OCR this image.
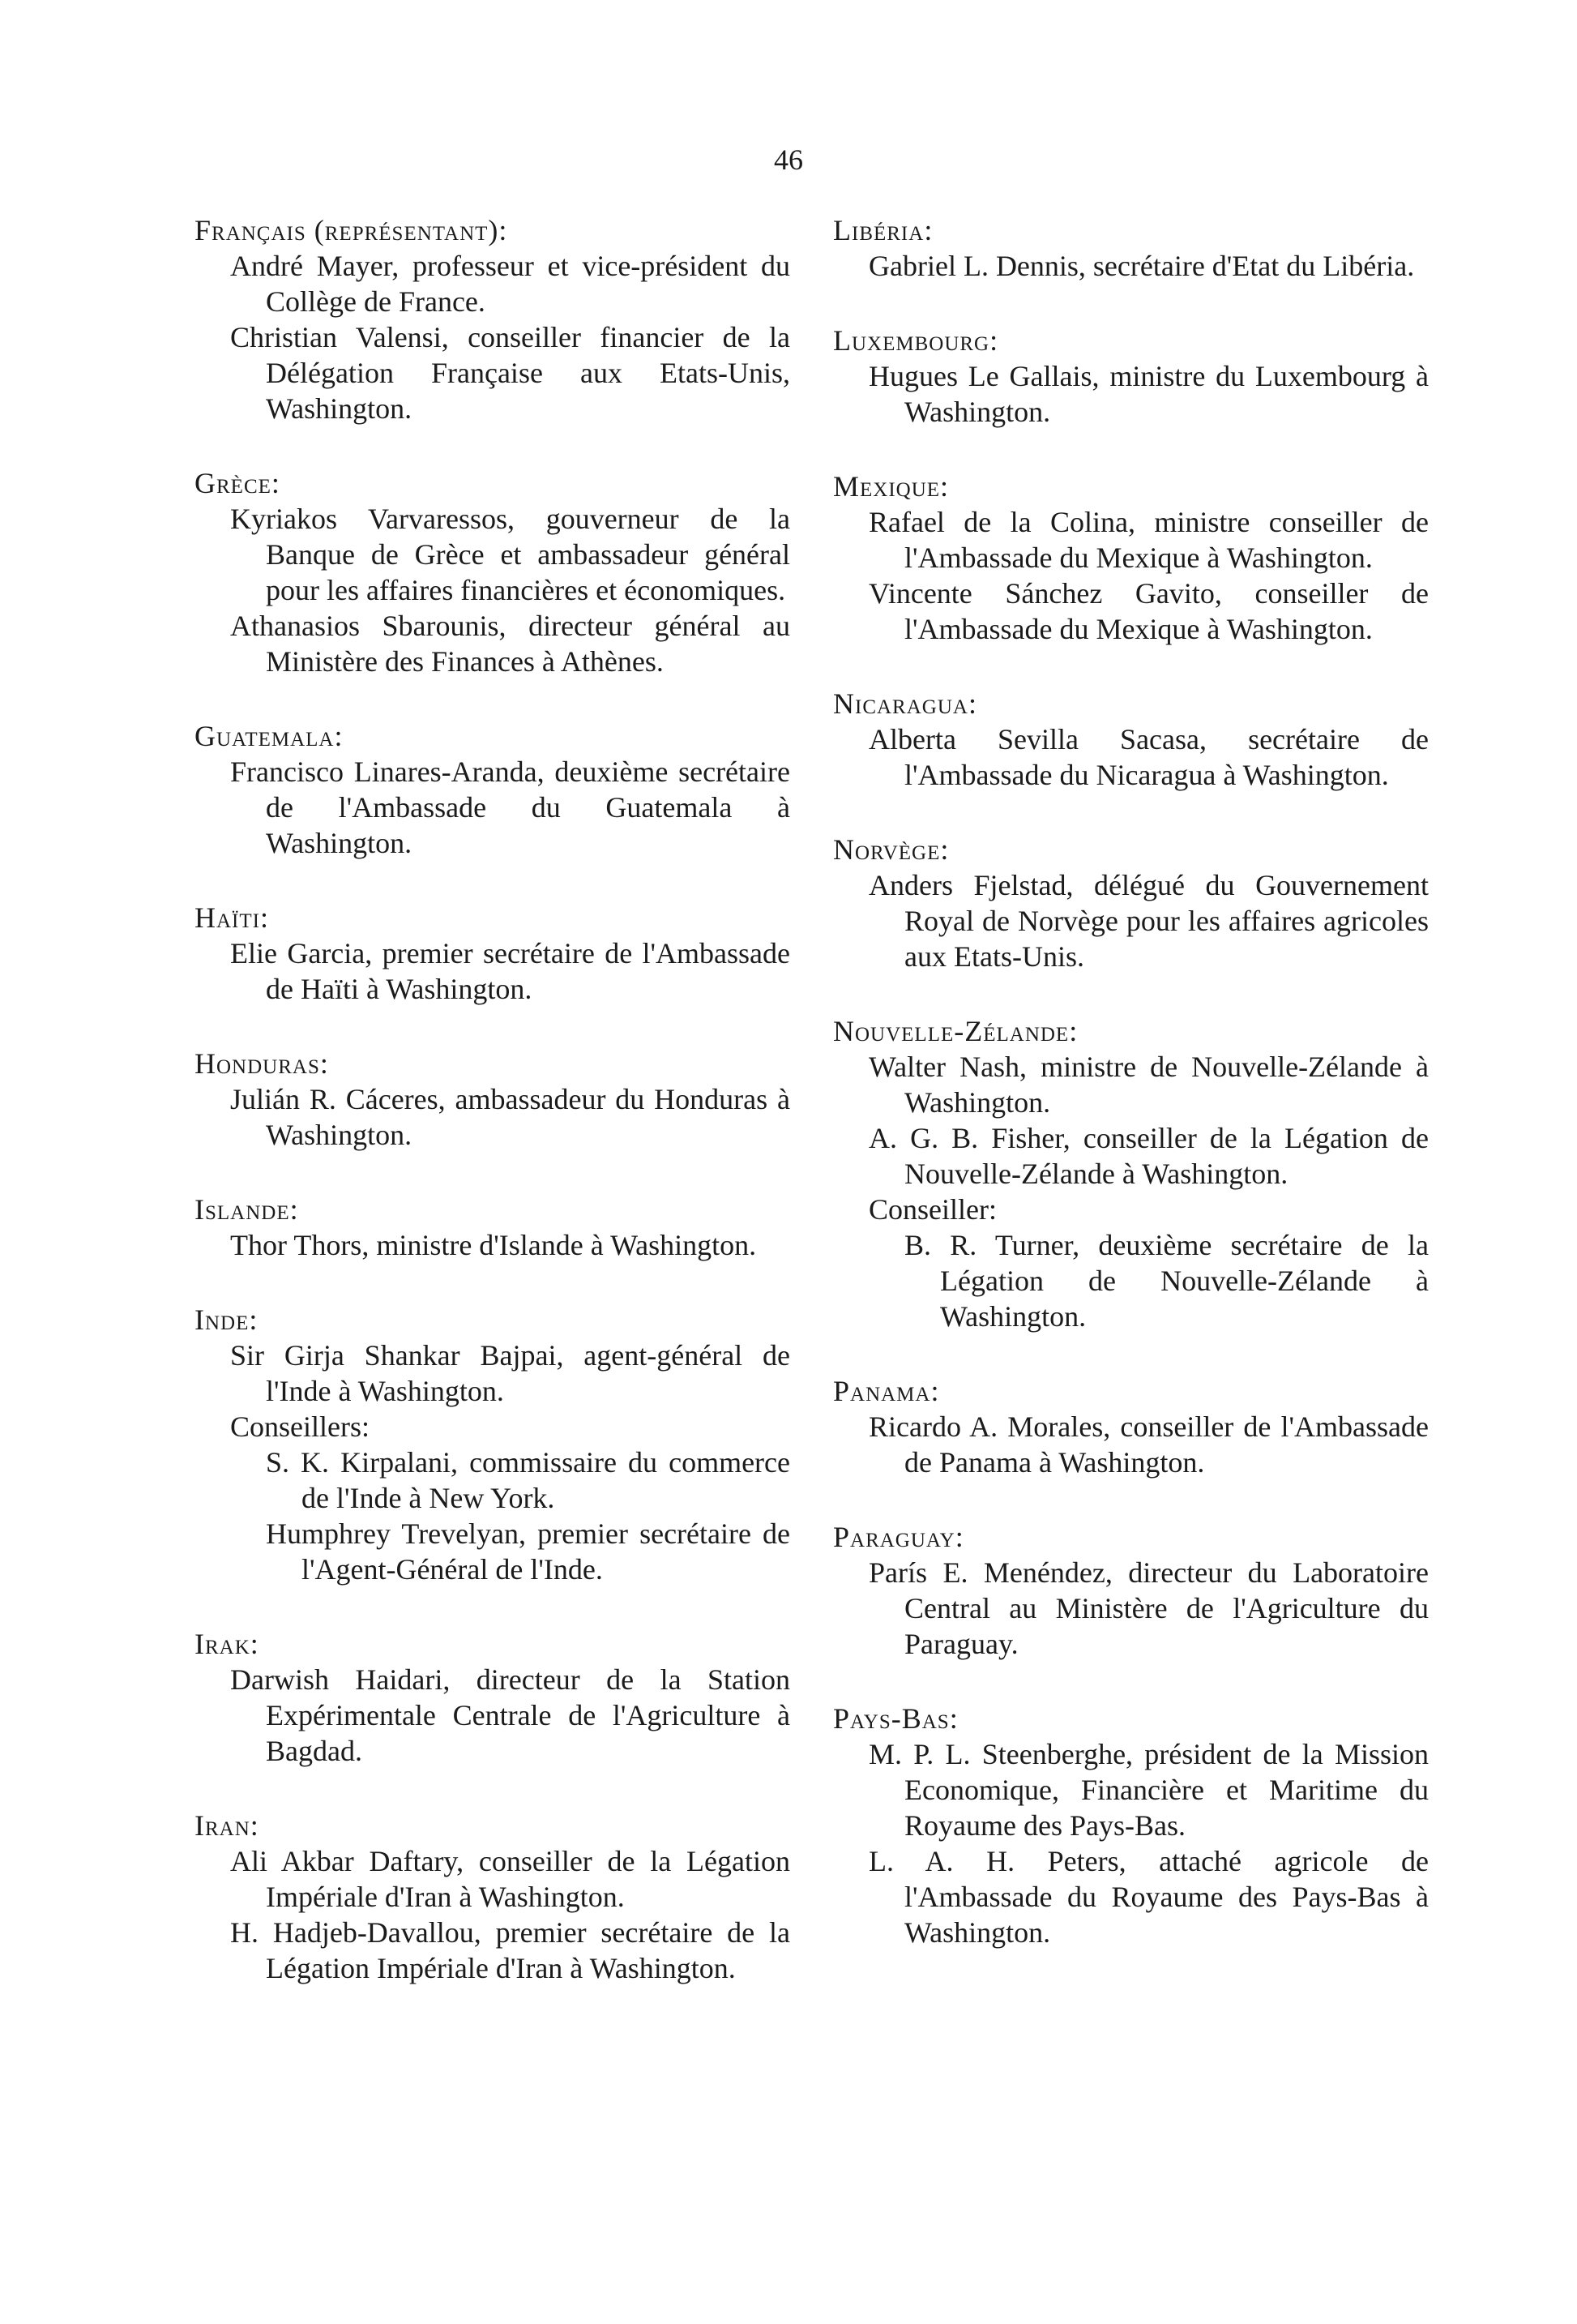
46
Français (représentant):
André Mayer, professeur et vice-président du Collège de France.
Christian Valensi, conseiller financier de la Délégation Française aux Etats-Unis, Washington.
Grèce:
Kyriakos Varvaressos, gouverneur de la Banque de Grèce et ambassadeur général pour les affaires financières et économiques.
Athanasios Sbarounis, directeur général au Ministère des Finances à Athènes.
Guatemala:
Francisco Linares-Aranda, deuxième secrétaire de l'Ambassade du Guatemala à Washington.
Haïti:
Elie Garcia, premier secrétaire de l'Ambassade de Haïti à Washington.
Honduras:
Julián R. Cáceres, ambassadeur du Honduras à Washington.
Islande:
Thor Thors, ministre d'Islande à Washington.
Inde:
Sir Girja Shankar Bajpai, agent-général de l'Inde à Washington.
Conseillers:
S. K. Kirpalani, commissaire du commerce de l'Inde à New York.
Humphrey Trevelyan, premier secrétaire de l'Agent-Général de l'Inde.
Irak:
Darwish Haidari, directeur de la Station Expérimentale Centrale de l'Agriculture à Bagdad.
Iran:
Ali Akbar Daftary, conseiller de la Légation Impériale d'Iran à Washington.
H. Hadjeb-Davallou, premier secrétaire de la Légation Impériale d'Iran à Washington.
Libéria:
Gabriel L. Dennis, secrétaire d'Etat du Libéria.
Luxembourg:
Hugues Le Gallais, ministre du Luxembourg à Washington.
Mexique:
Rafael de la Colina, ministre conseiller de l'Ambassade du Mexique à Washington.
Vincente Sánchez Gavito, conseiller de l'Ambassade du Mexique à Washington.
Nicaragua:
Alberta Sevilla Sacasa, secrétaire de l'Ambassade du Nicaragua à Washington.
Norvège:
Anders Fjelstad, délégué du Gouvernement Royal de Norvège pour les affaires agricoles aux Etats-Unis.
Nouvelle-Zélande:
Walter Nash, ministre de Nouvelle-Zélande à Washington.
A. G. B. Fisher, conseiller de la Légation de Nouvelle-Zélande à Washington.
Conseiller:
B. R. Turner, deuxième secrétaire de la Légation de Nouvelle-Zélande à Washington.
Panama:
Ricardo A. Morales, conseiller de l'Ambassade de Panama à Washington.
Paraguay:
París E. Menéndez, directeur du Laboratoire Central au Ministère de l'Agriculture du Paraguay.
Pays-Bas:
M. P. L. Steenberghe, président de la Mission Economique, Financière et Maritime du Royaume des Pays-Bas.
L. A. H. Peters, attaché agricole de l'Ambassade du Royaume des Pays-Bas à Washington.
